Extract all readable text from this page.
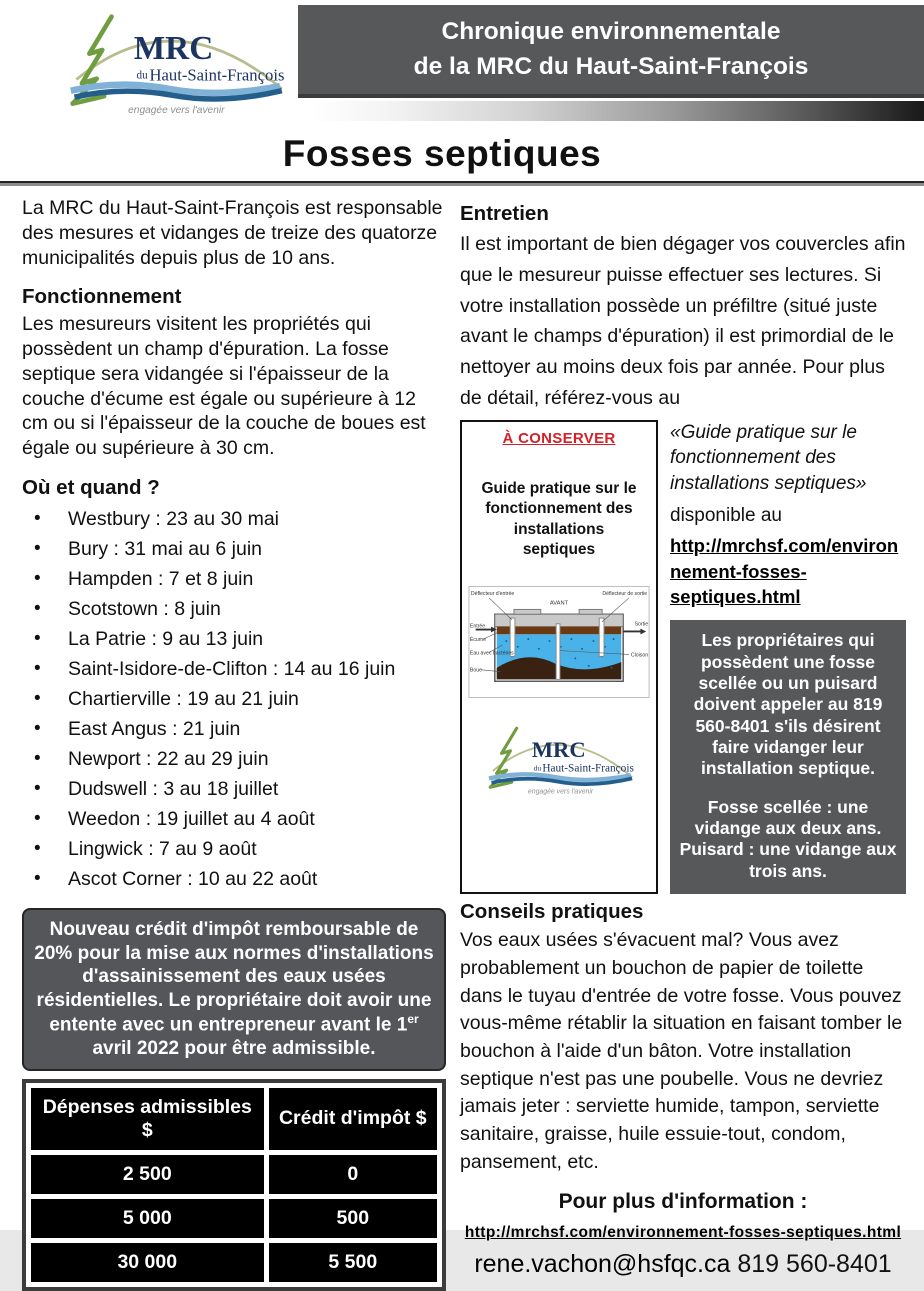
MRC
du Haut-Saint-François
engagée vers l'avenir
Chronique environnementale
de la MRC du Haut-Saint-François
Fosses septiques

La MRC du Haut-Saint-François est responsable des mesures et vidanges de treize des quatorze municipalités depuis plus de 10 ans.

Fonctionnement

Les mesureurs visitent les propriétés qui possèdent un champ d'épuration. La fosse septique sera vidangée si l'épaisseur de la couche d'écume est égale ou supérieure à 12 cm ou si l'épaisseur de la couche de boues est égale ou supérieure à 30 cm.

Où et quand ?
•	Westbury : 23 au 30 mai
•	Bury : 31 mai au 6 juin
•	Hampden : 7 et 8 juin
•	Scotstown : 8 juin
•	La Patrie : 9 au 13 juin
•	Saint-Isidore-de-Clifton : 14 au 16 juin
•	Chartierville : 19 au 21 juin
•	East Angus : 21 juin
•	Newport : 22 au 29 juin
•	Dudswell : 3 au 18 juillet
•	Weedon : 19 juillet au 4 août
•	Lingwick : 7 au 9 août
•	Ascot Corner : 10 au 22 août
Nouveau crédit d'impôt remboursable de 20% pour la mise aux normes d'installations d'assainissement des eaux usées résidentielles. Le propriétaire doit avoir une entente avec un entrepreneur avant le 1er avril 2022 pour être admissible.
Dépenses admissibles $	Crédit d'impôt $
2 500	0
5 000	500
30 000	5 500
Entretien

Il est important de bien dégager vos couvercles afin que le mesureur puisse effectuer ses lectures. Si votre installation possède un préfiltre (situé juste avant le champs d'épuration) il est primordial de le nettoyer au moins deux fois par année. Pour plus de détail, référez-vous au

À CONSERVER
Guide pratique sur le fonctionnement des installations septiques
Déflecteur d'entrée
AVANT
Déflecteur de sortie
Entrée	Sortie
Écume
Eau avec bactéries
Boue
Cloison
MRC
du Haut-Saint-François
engagée vers l'avenir

«Guide pratique sur le fonctionnement des installations septiques»

disponible au

http://mrchsf.com/environnement-fosses-septiques.html

Les propriétaires qui possèdent une fosse scellée ou un puisard doivent appeler au 819 560-8401 s'ils désirent faire vidanger leur installation septique.

Fosse scellée : une vidange aux deux ans. Puisard : une vidange aux trois ans.

Conseils pratiques

Vos eaux usées s'évacuent mal? Vous avez probablement un bouchon de papier de toilette dans le tuyau d'entrée de votre fosse. Vous pouvez vous-même rétablir la situation en faisant tomber le bouchon à l'aide d'un bâton. Votre installation septique n'est pas une poubelle. Vous ne devriez jamais jeter : serviette humide, tampon, serviette sanitaire, graisse, huile essuie-tout, condom, pansement, etc.

Pour plus d'information :
http://mrchsf.com/environnement-fosses-septiques.html
rene.vachon@hsfqc.ca 819 560-8401
